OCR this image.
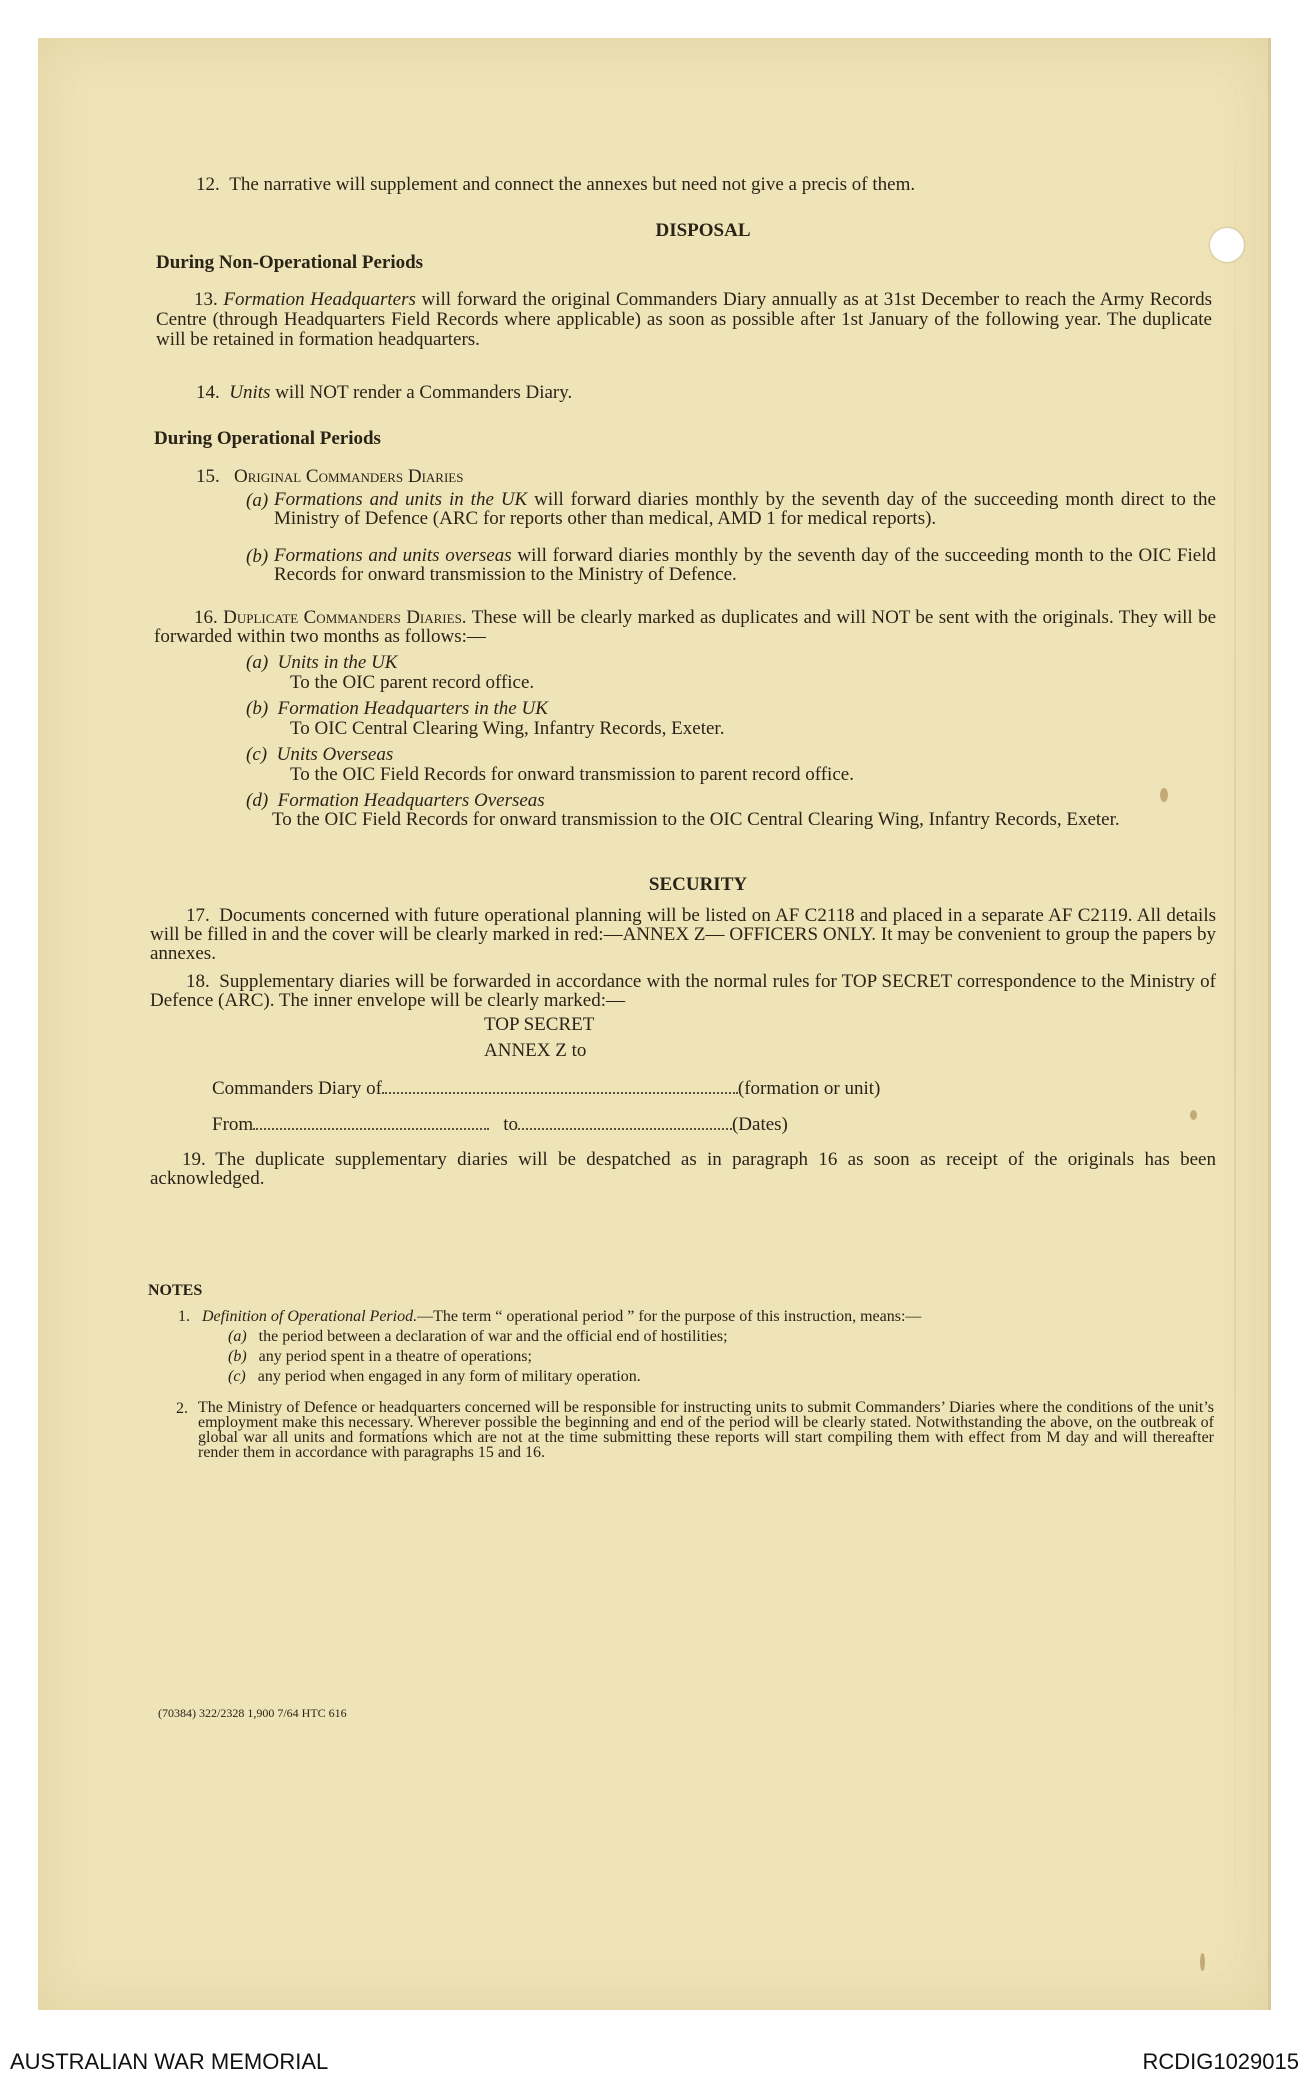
12. The narrative will supplement and connect the annexes but need not give a precis of them.
DISPOSAL
During Non-Operational Periods
13. Formation Headquarters will forward the original Commanders Diary annually as at 31st December to reach the Army Records Centre (through Headquarters Field Records where applicable) as soon as possible after 1st January of the following year. The duplicate will be retained in formation headquarters.
14. Units will NOT render a Commanders Diary.
During Operational Periods
15. Original Commanders Diaries
(a) Formations and units in the UK will forward diaries monthly by the seventh day of the succeeding month direct to the Ministry of Defence (ARC for reports other than medical, AMD 1 for medical reports).
(b) Formations and units overseas will forward diaries monthly by the seventh day of the succeeding month to the OIC Field Records for onward transmission to the Ministry of Defence.
16. Duplicate Commanders Diaries. These will be clearly marked as duplicates and will NOT be sent with the originals. They will be forwarded within two months as follows:—
(a) Units in the UK
To the OIC parent record office.
(b) Formation Headquarters in the UK
To OIC Central Clearing Wing, Infantry Records, Exeter.
(c) Units Overseas
To the OIC Field Records for onward transmission to parent record office.
(d) Formation Headquarters Overseas
To the OIC Field Records for onward transmission to the OIC Central Clearing Wing, Infantry Records, Exeter.
SECURITY
17. Documents concerned with future operational planning will be listed on AF C2118 and placed in a separate AF C2119. All details will be filled in and the cover will be clearly marked in red:—ANNEX Z— OFFICERS ONLY. It may be convenient to group the papers by annexes.
18. Supplementary diaries will be forwarded in accordance with the normal rules for TOP SECRET correspondence to the Ministry of Defence (ARC). The inner envelope will be clearly marked:—
TOP SECRET
ANNEX Z to
Commanders Diary of	(formation or unit)
From	to	(Dates)
19. The duplicate supplementary diaries will be despatched as in paragraph 16 as soon as receipt of the originals has been acknowledged.
NOTES
1. Definition of Operational Period.—The term “ operational period ” for the purpose of this instruction, means:—
(a) the period between a declaration of war and the official end of hostilities;
(b) any period spent in a theatre of operations;
(c) any period when engaged in any form of military operation.
2. The Ministry of Defence or headquarters concerned will be responsible for instructing units to submit Commanders’ Diaries where the conditions of the unit’s employment make this necessary. Wherever possible the beginning and end of the period will be clearly stated. Notwithstanding the above, on the outbreak of global war all units and formations which are not at the time submitting these reports will start compiling them with effect from M day and will thereafter render them in accordance with paragraphs 15 and 16.
(70384) 322/2328 1,900 7/64 HTC 616
AUSTRALIAN WAR MEMORIAL	RCDIG1029015
